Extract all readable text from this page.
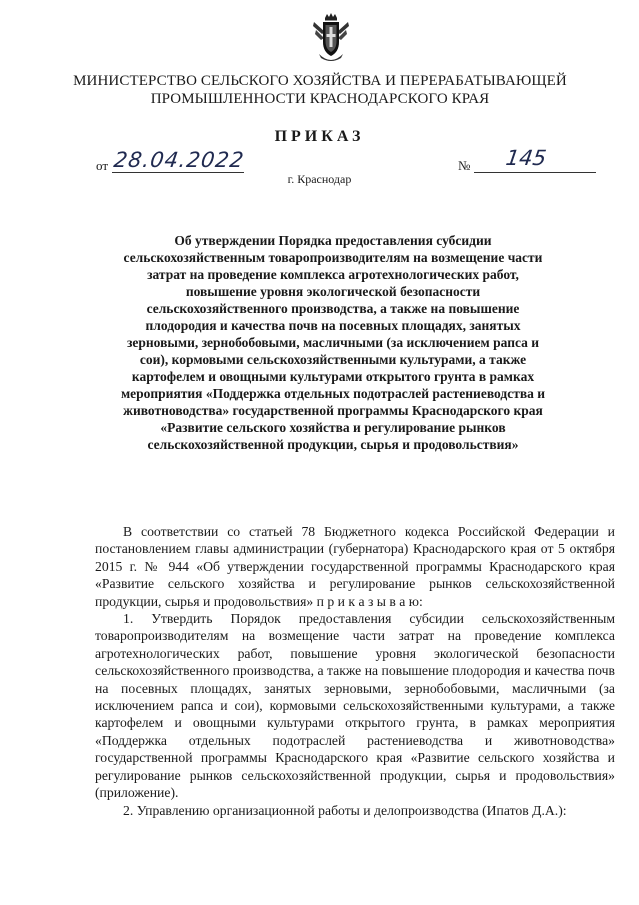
МИНИСТЕРСТВО СЕЛЬСКОГО ХОЗЯЙСТВА И ПЕРЕРАБАТЫВАЮЩЕЙ
ПРОМЫШЛЕННОСТИ КРАСНОДАРСКОГО КРАЯ
ПРИКАЗ
от 28.04.2022	№ 145
г. Краснодар
Об утверждении Порядка предоставления субсидии сельскохозяйственным товаропроизводителям на возмещение части затрат на проведение комплекса агротехнологических работ, повышение уровня экологической безопасности сельскохозяйственного производства, а также на повышение плодородия и качества почв на посевных площадях, занятых зерновыми, зернобобовыми, масличными (за исключением рапса и сои), кормовыми сельскохозяйственными культурами, а также картофелем и овощными культурами открытого грунта в рамках мероприятия «Поддержка отдельных подотраслей растениеводства и животноводства» государственной программы Краснодарского края «Развитие сельского хозяйства и регулирование рынков сельскохозяйственной продукции, сырья и продовольствия»

В соответствии со статьей 78 Бюджетного кодекса Российской Федерации и постановлением главы администрации (губернатора) Краснодарского края от 5 октября 2015 г. № 944 «Об утверждении государственной программы Краснодарского края «Развитие сельского хозяйства и регулирование рынков сельскохозяйственной продукции, сырья и продовольствия» п р и к а з ы в а ю:

1. Утвердить Порядок предоставления субсидии сельскохозяйственным товаропроизводителям на возмещение части затрат на проведение комплекса агротехнологических работ, повышение уровня экологической безопасности сельскохозяйственного производства, а также на повышение плодородия и качества почв на посевных площадях, занятых зерновыми, зернобобовыми, масличными (за исключением рапса и сои), кормовыми сельскохозяйственными культурами, а также картофелем и овощными культурами открытого грунта, в рамках мероприятия «Поддержка отдельных подотраслей растениеводства и животноводства» государственной программы Краснодарского края «Развитие сельского хозяйства и регулирование рынков сельскохозяйственной продукции, сырья и продовольствия» (приложение).

2. Управлению организационной работы и делопроизводства (Ипатов Д.А.):
